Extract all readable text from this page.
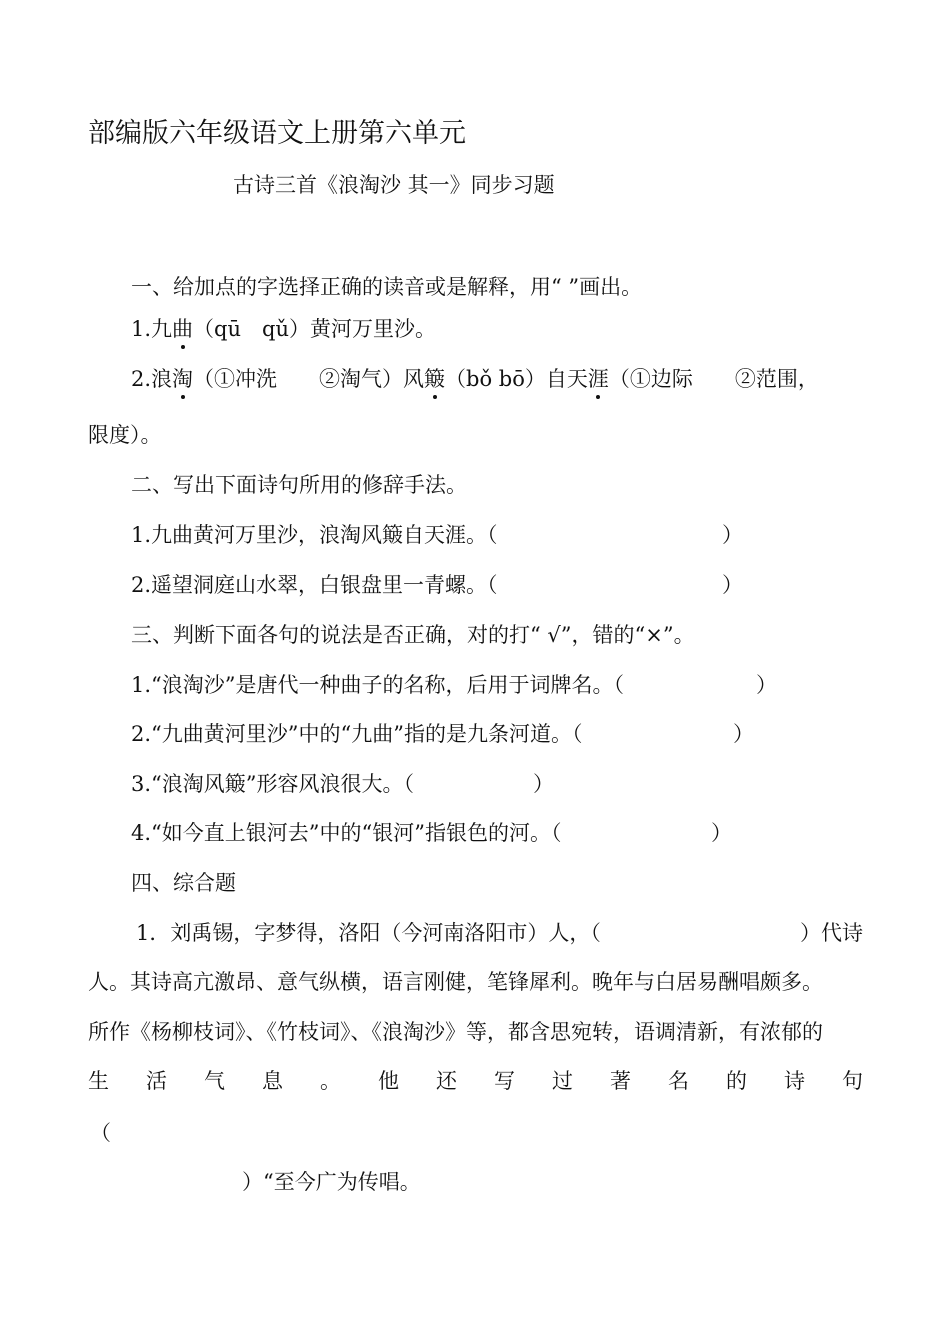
部编版六年级语文上册第六单元
古诗三首《浪淘沙 其一》同步习题
一、给加点的字选择正确的读音或是解释，用“ ”画出。
1.九曲（qū　qǔ）黄河万里沙。
2.浪淘（①冲洗　　②淘气）风簸（bǒ bō）自天涯（①边际　　②范围，
限度）。
二、写出下面诗句所用的修辞手法。
1.九曲黄河万里沙，浪淘风簸自天涯。（	）
2.遥望洞庭山水翠，白银盘里一青螺。（	）
三、判断下面各句的说法是否正确，对的打“ √”，错的“×”。
1.“浪淘沙”是唐代一种曲子的名称，后用于词牌名。（	）
2.“九曲黄河里沙”中的“九曲”指的是九条河道。（	）
3.“浪淘风簸”形容风浪很大。（	）
4.“如今直上银河去”中的“银河”指银色的河。（	）
四、综合题
1．刘禹锡，字梦得，洛阳（今河南洛阳市）人，（	）代诗
人。其诗高亢激昂、意气纵横，语言刚健，笔锋犀利。晚年与白居易酬唱颇多。
所作《杨柳枝词》、《竹枝词》、《浪淘沙》等，都含思宛转，语调清新，有浓郁的
生 活 气 息 。 他 还 写 过 著 名 的 诗 句
（
）“至今广为传唱。
